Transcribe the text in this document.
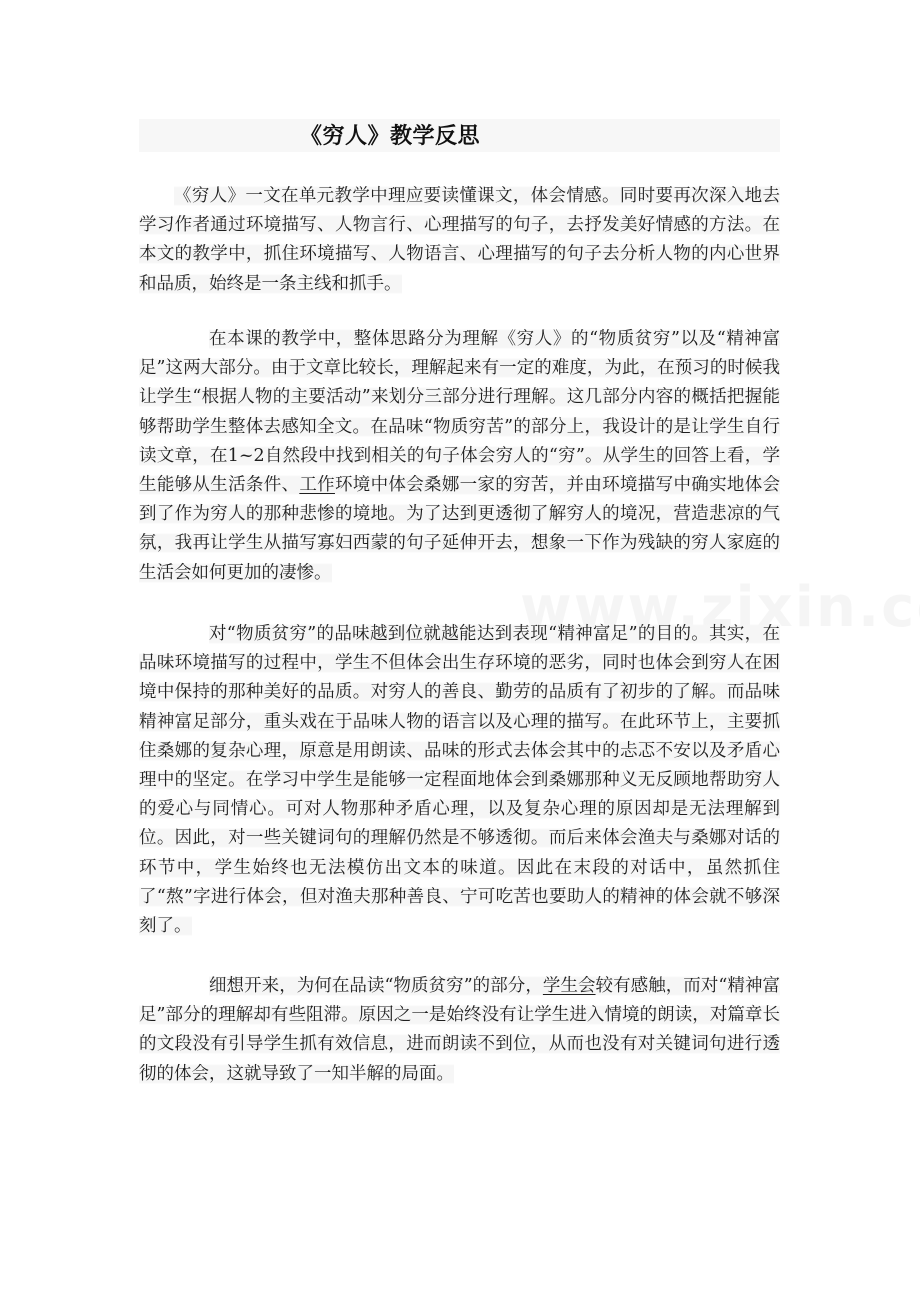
《穷人》教学反思

《穷人》一文在单元教学中理应要读懂课文，体会情感。同时要再次深入地去学习作者通过环境描写、人物言行、心理描写的句子，去抒发美好情感的方法。在本文的教学中，抓住环境描写、人物语言、心理描写的句子去分析人物的内心世界和品质，始终是一条主线和抓手。

在本课的教学中，整体思路分为理解《穷人》的“物质贫穷”以及“精神富足”这两大部分。由于文章比较长，理解起来有一定的难度，为此，在预习的时候我让学生“根据人物的主要活动”来划分三部分进行理解。这几部分内容的概括把握能够帮助学生整体去感知全文。在品味“物质穷苦”的部分上，我设计的是让学生自行读文章，在1~2自然段中找到相关的句子体会穷人的“穷”。从学生的回答上看，学生能够从生活条件、工作环境中体会桑娜一家的穷苦，并由环境描写中确实地体会到了作为穷人的那种悲惨的境地。为了达到更透彻了解穷人的境况，营造悲凉的气氛，我再让学生从描写寡妇西蒙的句子延伸开去，想象一下作为残缺的穷人家庭的生活会如何更加的凄惨。

对“物质贫穷”的品味越到位就越能达到表现“精神富足”的目的。其实，在品味环境描写的过程中，学生不但体会出生存环境的恶劣，同时也体会到穷人在困境中保持的那种美好的品质。对穷人的善良、勤劳的品质有了初步的了解。而品味精神富足部分，重头戏在于品味人物的语言以及心理的描写。在此环节上，主要抓住桑娜的复杂心理，原意是用朗读、品味的形式去体会其中的忐忑不安以及矛盾心理中的坚定。在学习中学生是能够一定程面地体会到桑娜那种义无反顾地帮助穷人的爱心与同情心。可对人物那种矛盾心理，以及复杂心理的原因却是无法理解到位。因此，对一些关键词句的理解仍然是不够透彻。而后来体会渔夫与桑娜对话的环节中，学生始终也无法模仿出文本的味道。因此在末段的对话中，虽然抓住了“熬”字进行体会，但对渔夫那种善良、宁可吃苦也要助人的精神的体会就不够深刻了。

细想开来，为何在品读“物质贫穷”的部分，学生会较有感触，而对“精神富足”部分的理解却有些阻滞。原因之一是始终没有让学生进入情境的朗读，对篇章长的文段没有引导学生抓有效信息，进而朗读不到位，从而也没有对关键词句进行透彻的体会，这就导致了一知半解的局面。
